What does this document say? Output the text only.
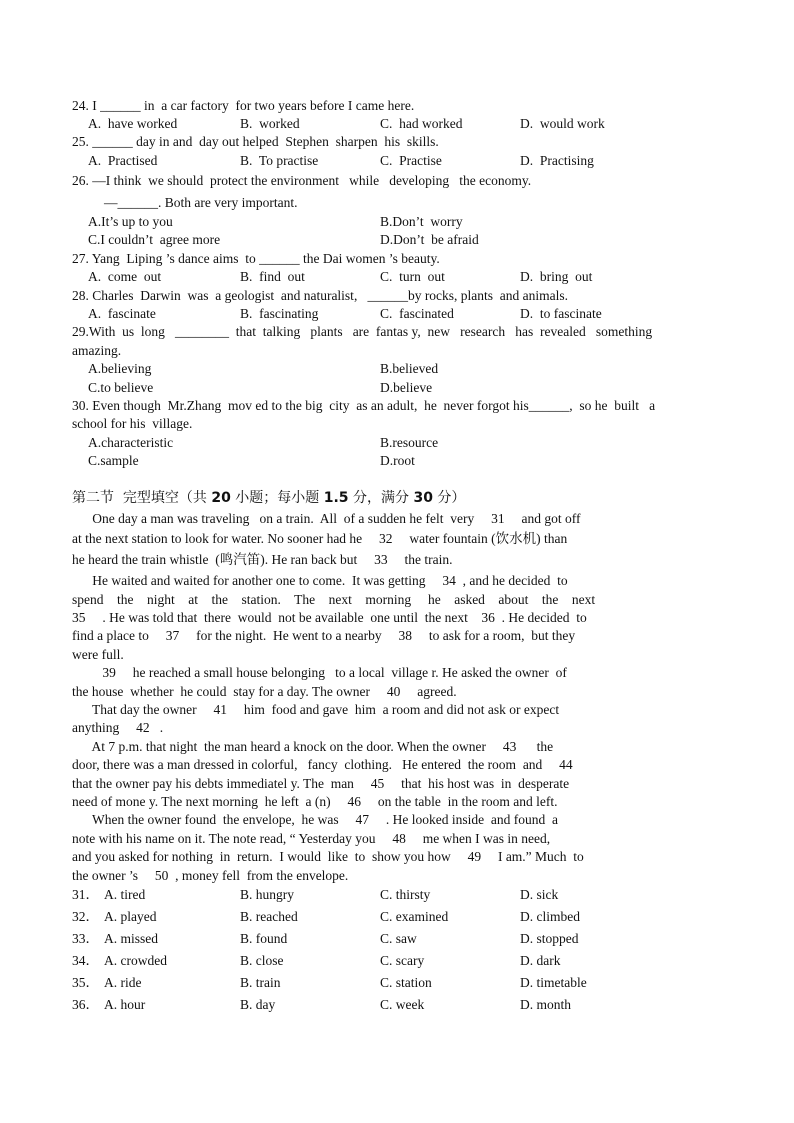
24. I ______ in  a car factory  for two years before I came here.
A.  have worked	B.  worked	C.  had worked	D.  would work
25. ______ day in and  day out helped  Stephen  sharpen  his  skills.
A.  Practised	B.  To practise	C.  Practise	D.  Practising
26. —I think  we should  protect the environment   while   developing   the economy.
—______. Both are very important.
A.It’s up to you	B.Don’t  worry
C.I couldn’t  agree more	D.Don’t  be afraid
27. Yang  Liping ’s dance aims  to ______ the Dai women ’s beauty.
A.  come  out	B.  find  out	C.  turn  out	D.  bring  out
28. Charles  Darwin  was  a geologist  and naturalist,   ______by rocks, plants  and animals.
A.  fascinate	B.  fascinating	C.  fascinated	D.  to fascinate
29.With  us  long   ________  that  talking   plants   are  fantas y,  new   research   has  revealed   something
amazing.
A.believing	B.believed
C.to believe	D.believe
30. Even though  Mr.Zhang  mov ed to the big  city  as an adult,  he  never forgot his______,  so he  built   a
school for his  village.
A.characteristic	B.resource
C.sample	D.root
第二节  完型填空（共 20 小题；每小题 1.5 分，满分 30 分）
One day a man was traveling   on a train.  All  of a sudden he felt  very     31     and got off
at the next station to look for water. No sooner had he     32     water fountain (饮水机) than
he heard the train whistle  (鸣汽笛). He ran back but     33     the train.
He waited and waited for another one to come.  It was getting     34  , and he decided  to
spend    the    night    at    the    station.    The    next    morning     he    asked    about    the    next
35     . He was told that  there  would  not be available  one until  the next    36  . He decided  to
find a place to     37     for the night.  He went to a nearby     38     to ask for a room,  but they
were full.
39     he reached a small house belonging   to a local  village r. He asked the owner  of
the house  whether  he could  stay for a day. The owner     40     agreed.
That day the owner     41     him  food and gave  him  a room and did not ask or expect
anything     42   .
At 7 p.m. that night  the man heard a knock on the door. When the owner     43      the
door, there was a man dressed in colorful,   fancy  clothing.   He entered  the room  and     44
that the owner pay his debts immediatel y. The  man     45     that  his host was  in  desperate
need of mone y. The next morning  he left  a (n)     46     on the table  in the room and left.
When the owner found  the envelope,  he was     47     . He looked inside  and found  a
note with his name on it. The note read, “ Yesterday you     48     me when I was in need,
and you asked for nothing  in  return.  I would  like  to  show you how     49     I am.” Much  to
the owner ’s     50  , money fell  from the envelope.
31． A. tired	B. hungry	C. thirsty	D. sick
32． A. played	B. reached	C. examined	D. climbed
33． A. missed	B. found	C. saw	D. stopped
34． A. crowded	B. close	C. scary	D. dark
35． A. ride	B. train	C. station	D. timetable
36． A. hour	B. day	C. week	D. month
